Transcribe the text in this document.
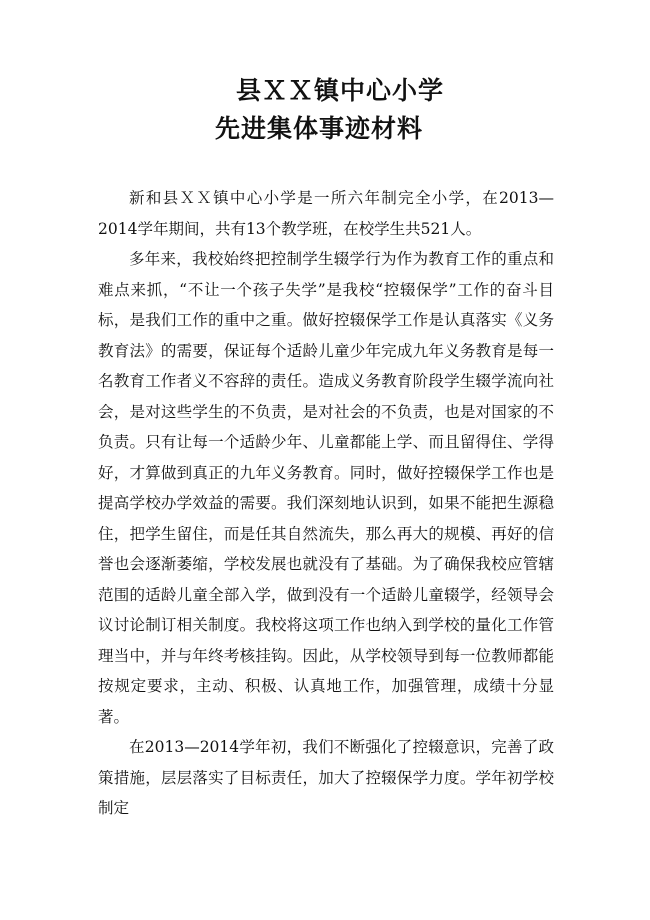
县ＸＸ镇中心小学
先进集体事迹材料

新和县ＸＸ镇中心小学是一所六年制完全小学，在2013—2014学年期间，共有13个教学班，在校学生共521人。

多年来，我校始终把控制学生辍学行为作为教育工作的重点和难点来抓，“不让一个孩子失学”是我校“控辍保学”工作的奋斗目标，是我们工作的重中之重。做好控辍保学工作是认真落实《义务教育法》的需要，保证每个适龄儿童少年完成九年义务教育是每一名教育工作者义不容辞的责任。造成义务教育阶段学生辍学流向社会，是对这些学生的不负责，是对社会的不负责，也是对国家的不负责。只有让每一个适龄少年、儿童都能上学、而且留得住、学得好，才算做到真正的九年义务教育。同时，做好控辍保学工作也是提高学校办学效益的需要。我们深刻地认识到，如果不能把生源稳住，把学生留住，而是任其自然流失，那么再大的规模、再好的信誉也会逐渐萎缩，学校发展也就没有了基础。为了确保我校应管辖范围的适龄儿童全部入学，做到没有一个适龄儿童辍学，经领导会议讨论制订相关制度。我校将这项工作也纳入到学校的量化工作管理当中，并与年终考核挂钩。因此，从学校领导到每一位教师都能按规定要求，主动、积极、认真地工作，加强管理，成绩十分显著。

在2013—2014学年初，我们不断强化了控辍意识，完善了政策措施，层层落实了目标责任，加大了控辍保学力度。学年初学校制定
